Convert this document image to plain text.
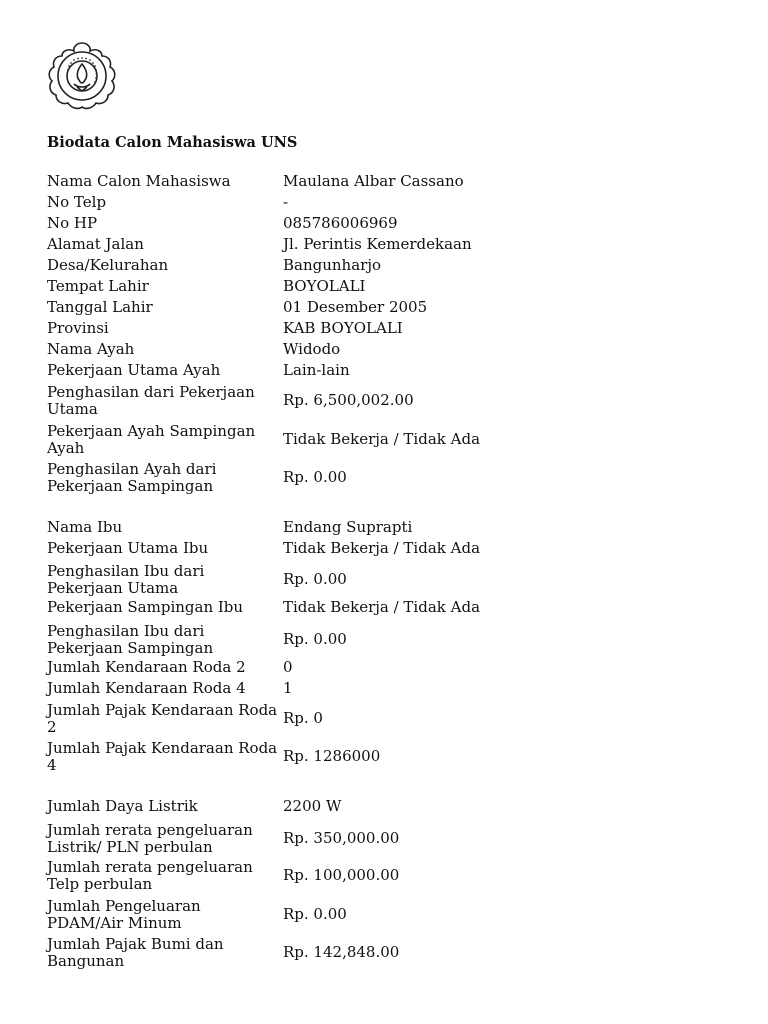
Biodata Calon Mahasiswa UNS
Nama Calon Mahasiswa	Maulana Albar Cassano
No Telp	-
No HP	085786006969
Alamat Jalan	Jl. Perintis Kemerdekaan
Desa/Kelurahan	Bangunharjo
Tempat Lahir	BOYOLALI
Tanggal Lahir	01 Desember 2005
Provinsi	KAB BOYOLALI
Nama Ayah	Widodo
Pekerjaan Utama Ayah	Lain-lain
Penghasilan dari Pekerjaan Utama	Rp. 6,500,002.00
Pekerjaan Ayah Sampingan Ayah	Tidak Bekerja / Tidak Ada
Penghasilan Ayah dari Pekerjaan Sampingan	Rp. 0.00
Nama Ibu	Endang Suprapti
Pekerjaan Utama Ibu	Tidak Bekerja / Tidak Ada
Penghasilan Ibu dari Pekerjaan Utama	Rp. 0.00
Pekerjaan Sampingan Ibu	Tidak Bekerja / Tidak Ada
Penghasilan Ibu dari Pekerjaan Sampingan	Rp. 0.00
Jumlah Kendaraan Roda 2	0
Jumlah Kendaraan Roda 4	1
Jumlah Pajak Kendaraan Roda 2	Rp. 0
Jumlah Pajak Kendaraan Roda 4	Rp. 1286000
Jumlah Daya Listrik	2200 W
Jumlah rerata pengeluaran Listrik/ PLN perbulan	Rp. 350,000.00
Jumlah rerata pengeluaran Telp perbulan	Rp. 100,000.00
Jumlah Pengeluaran PDAM/Air Minum	Rp. 0.00
Jumlah Pajak Bumi dan Bangunan	Rp. 142,848.00
